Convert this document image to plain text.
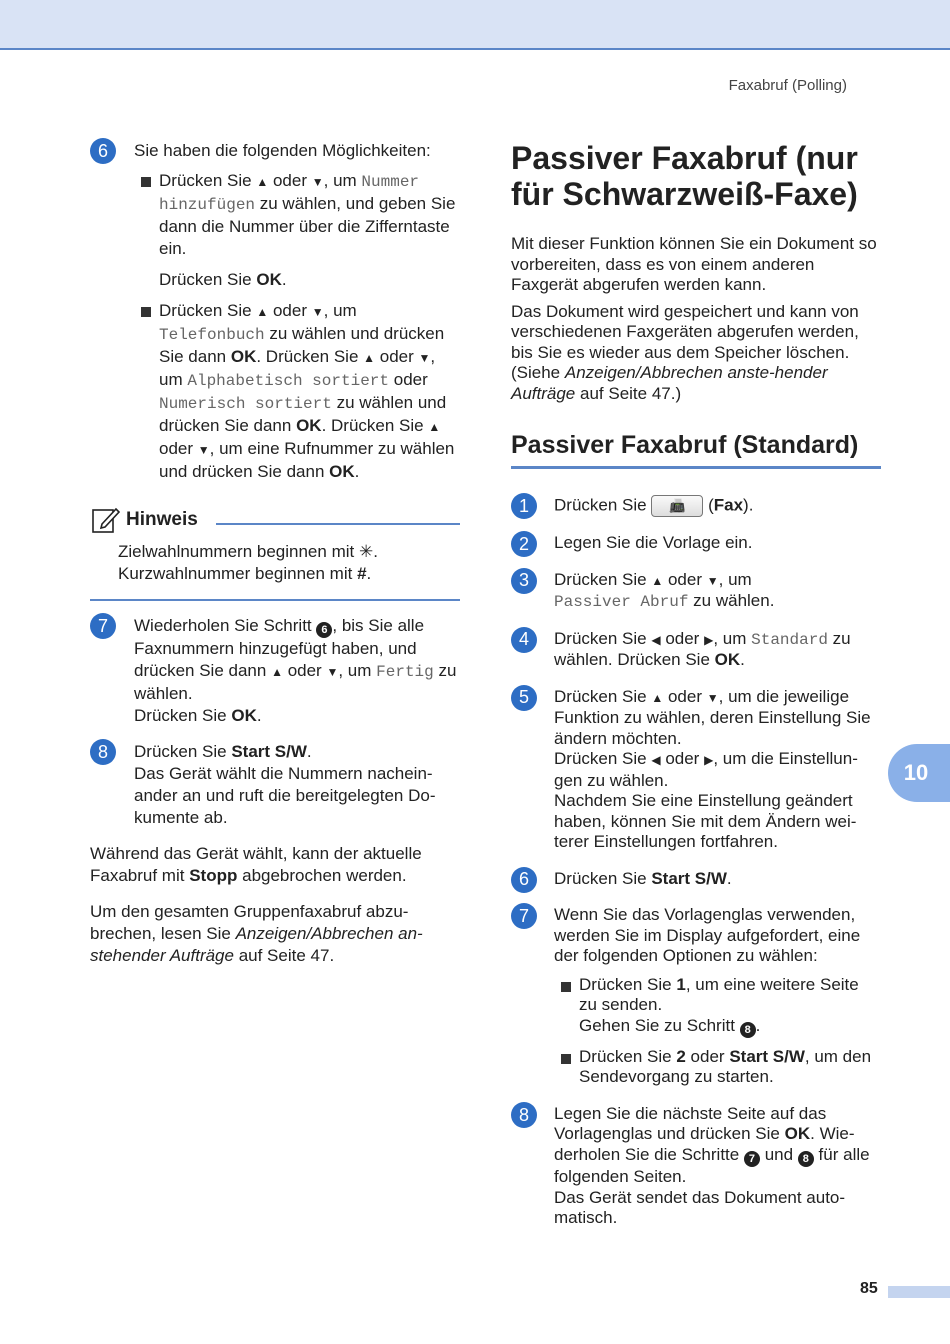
Faxabruf (Polling)
6	Sie haben die folgenden Möglichkeiten:

Drücken Sie ▲ oder ▼, um Nummer hinzufügen zu wählen, und geben Sie dann die Nummer über die Zifferntaste ein.

Drücken Sie OK.

Drücken Sie ▲ oder ▼, um Telefonbuch zu wählen und drücken Sie dann OK. Drücken Sie ▲ oder ▼, um Alphabetisch sortiert oder Numerisch sortiert zu wählen und drücken Sie dann OK. Drücken Sie ▲ oder ▼, um eine Rufnummer zu wählen und drücken Sie dann OK.
Hinweis
Zielwahlnummern beginnen mit ✳.
Kurzwahlnummer beginnen mit #.
7	Wiederholen Sie Schritt 6 , bis Sie alle Faxnummern hinzugefügt haben, und drücken Sie dann ▲ oder ▼, um Fertig zu wählen.
Drücken Sie OK.
8	Drücken Sie Start S/W.
Das Gerät wählt die Nummern nachein-ander an und ruft die bereitgelegten Do-kumente ab.

Während das Gerät wählt, kann der aktuelle Faxabruf mit Stopp abgebrochen werden.

Um den gesamten Gruppenfaxabruf abzu-brechen, lesen Sie Anzeigen/Abbrechen an-stehender Aufträge auf Seite 47.

Passiver Faxabruf (nur für Schwarzweiß-Faxe)

Mit dieser Funktion können Sie ein Dokument so vorbereiten, dass es von einem anderen Faxgerät abgerufen werden kann.

Das Dokument wird gespeichert und kann von verschiedenen Faxgeräten abgerufen werden, bis Sie es wieder aus dem Speicher löschen. (Siehe Anzeigen/Abbrechen anste-hender Aufträge auf Seite 47.)

Passiver Faxabruf (Standard)
1	Drücken Sie 📠 (Fax).
2	Legen Sie die Vorlage ein.
3	Drücken Sie ▲ oder ▼, um
Passiver Abruf zu wählen.
4	Drücken Sie ◀ oder ▶, um Standard zu wählen. Drücken Sie OK.
5	Drücken Sie ▲ oder ▼, um die jeweilige Funktion zu wählen, deren Einstellung Sie ändern möchten.
Drücken Sie ◀ oder ▶, um die Einstellun-gen zu wählen.
Nachdem Sie eine Einstellung geändert haben, können Sie mit dem Ändern wei-terer Einstellungen fortfahren.
6	Drücken Sie Start S/W.
7	Wenn Sie das Vorlagenglas verwenden, werden Sie im Display aufgefordert, eine der folgenden Optionen zu wählen:
Drücken Sie 1, um eine weitere Seite zu senden.
Gehen Sie zu Schritt 8 .
Drücken Sie 2 oder Start S/W, um den Sendevorgang zu starten.
8	Legen Sie die nächste Seite auf das Vorlagenglas und drücken Sie OK. Wie-derholen Sie die Schritte 7 und 8 für alle folgenden Seiten.
Das Gerät sendet das Dokument auto-matisch.
10
85
